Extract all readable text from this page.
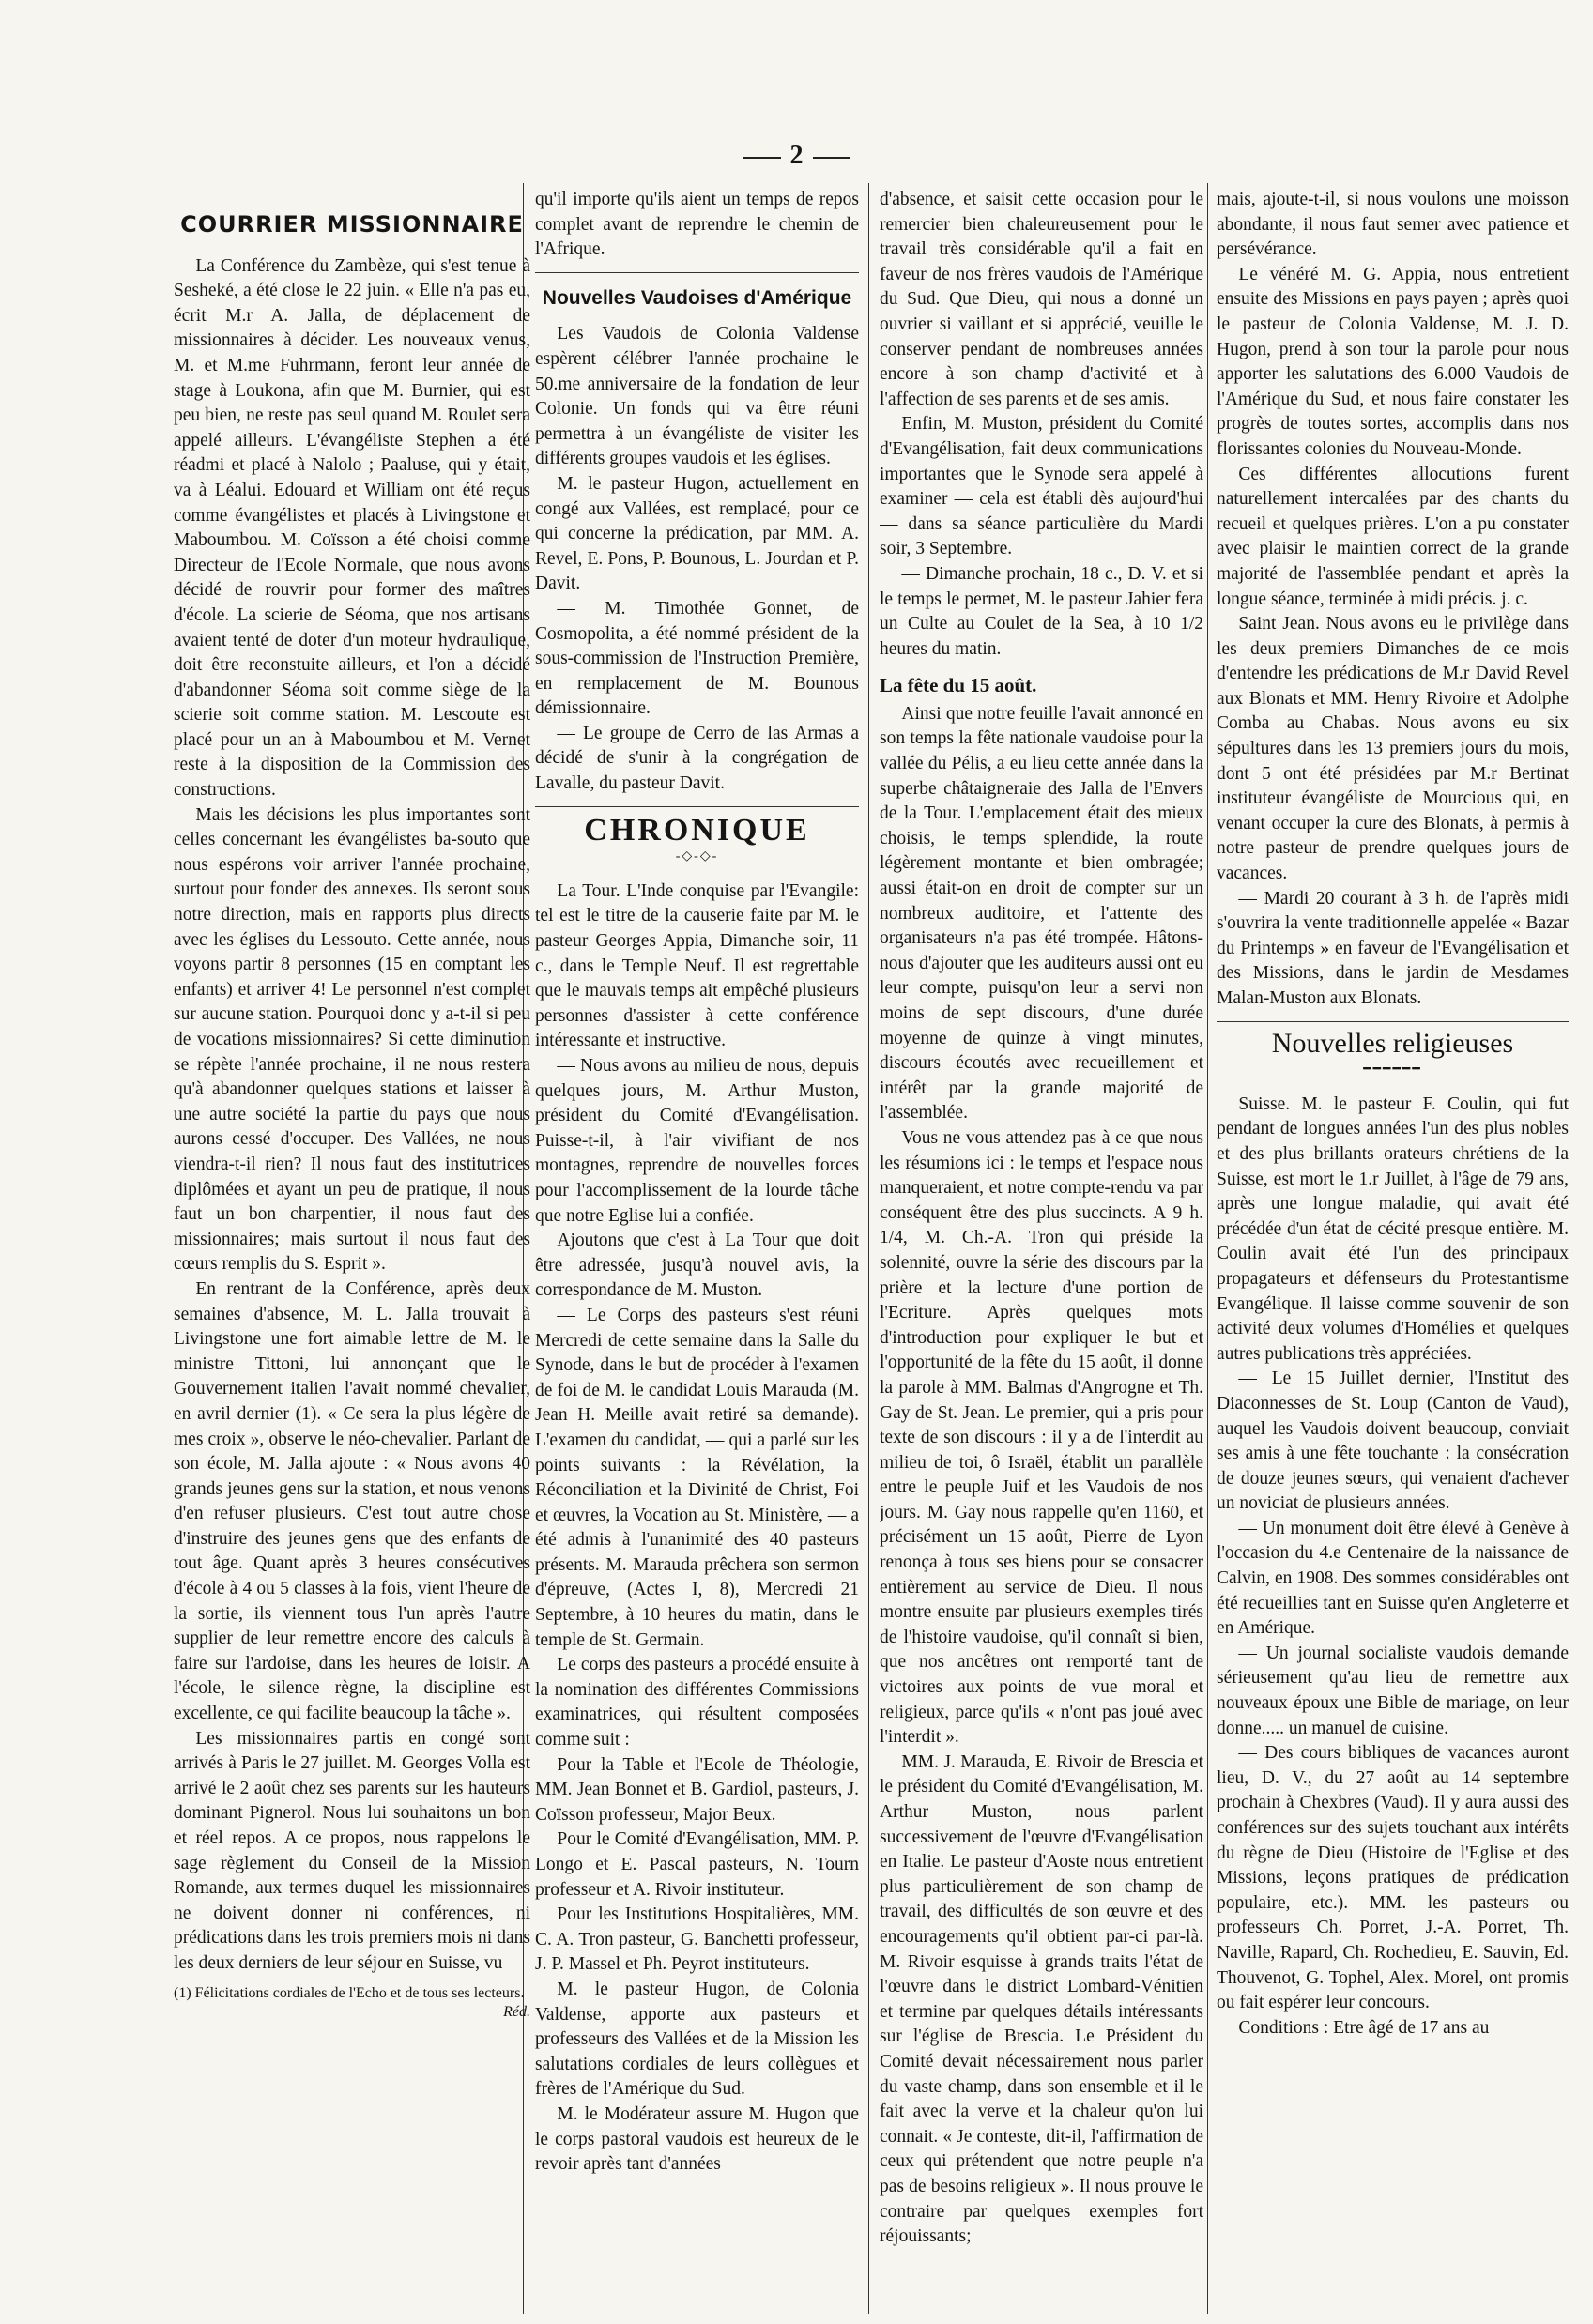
2
COURRIER MISSIONNAIRE

La Conférence du Zambèze, qui s'est tenue à Sesheké, a été close le 22 juin. « Elle n'a pas eu, écrit M.r A. Jalla, de déplacement de missionnaires à décider. Les nouveaux venus, M. et M.me Fuhrmann, feront leur année de stage à Loukona, afin que M. Burnier, qui est peu bien, ne reste pas seul quand M. Roulet sera appelé ailleurs. L'évangéliste Stephen a été réadmi et placé à Nalolo ; Paaluse, qui y était, va à Léalui. Edouard et William ont été reçus comme évangélistes et placés à Livingstone et Maboumbou. M. Coïsson a été choisi comme Directeur de l'Ecole Normale, que nous avons décidé de rouvrir pour former des maîtres d'école. La scierie de Séoma, que nos artisans avaient tenté de doter d'un moteur hydraulique, doit être reconstuite ailleurs, et l'on a décidé d'abandonner Séoma soit comme siège de la scierie soit comme station. M. Lescoute est placé pour un an à Maboumbou et M. Vernet reste à la disposition de la Commission des constructions.

Mais les décisions les plus importantes sont celles concernant les évangélistes ba-souto que nous espérons voir arriver l'année prochaine, surtout pour fonder des annexes. Ils seront sous notre direction, mais en rapports plus directs avec les églises du Lessouto. Cette année, nous voyons partir 8 personnes (15 en comptant les enfants) et arriver 4! Le personnel n'est complet sur aucune station. Pourquoi donc y a-t-il si peu de vocations missionnaires? Si cette diminution se répète l'année prochaine, il ne nous restera qu'à abandonner quelques stations et laisser à une autre société la partie du pays que nous aurons cessé d'occuper. Des Vallées, ne nous viendra-t-il rien? Il nous faut des institutrices diplômées et ayant un peu de pratique, il nous faut un bon charpentier, il nous faut des missionnaires; mais surtout il nous faut des cœurs remplis du S. Esprit ».

En rentrant de la Conférence, après deux semaines d'absence, M. L. Jalla trouvait à Livingstone une fort aimable lettre de M. le ministre Tittoni, lui annonçant que le Gouvernement italien l'avait nommé chevalier, en avril dernier (1). « Ce sera la plus légère de mes croix », observe le néo-chevalier. Parlant de son école, M. Jalla ajoute : « Nous avons 40 grands jeunes gens sur la station, et nous venons d'en refuser plusieurs. C'est tout autre chose d'instruire des jeunes gens que des enfants de tout âge. Quant après 3 heures consécutives d'école à 4 ou 5 classes à la fois, vient l'heure de la sortie, ils viennent tous l'un après l'autre supplier de leur remettre encore des calculs à faire sur l'ardoise, dans les heures de loisir. A l'école, le silence règne, la discipline est excellente, ce qui facilite beaucoup la tâche ».

Les missionnaires partis en congé sont arrivés à Paris le 27 juillet. M. Georges Volla est arrivé le 2 août chez ses parents sur les hauteurs dominant Pignerol. Nous lui souhaitons un bon et réel repos. A ce propos, nous rappelons le sage règlement du Conseil de la Mission Romande, aux termes duquel les missionnaires ne doivent donner ni conférences, ni prédications dans les trois premiers mois ni dans les deux derniers de leur séjour en Suisse, vu

(1) Félicitations cordiales de l'Echo et de tous ses lecteurs.
Réd.

qu'il importe qu'ils aient un temps de repos complet avant de reprendre le chemin de l'Afrique.

Nouvelles Vaudoises d'Amérique

Les Vaudois de Colonia Valdense espèrent célébrer l'année prochaine le 50.me anniversaire de la fondation de leur Colonie. Un fonds qui va être réuni permettra à un évangéliste de visiter les différents groupes vaudois et les églises.

M. le pasteur Hugon, actuellement en congé aux Vallées, est remplacé, pour ce qui concerne la prédication, par MM. A. Revel, E. Pons, P. Bounous, L. Jourdan et P. Davit.

— M. Timothée Gonnet, de Cosmopolita, a été nommé président de la sous-commission de l'Instruction Première, en remplacement de M. Bounous démissionnaire.

— Le groupe de Cerro de las Armas a décidé de s'unir à la congrégation de Lavalle, du pasteur Davit.

CHRONIQUE
-◇-◇-

La Tour. L'Inde conquise par l'Evangile: tel est le titre de la causerie faite par M. le pasteur Georges Appia, Dimanche soir, 11 c., dans le Temple Neuf. Il est regrettable que le mauvais temps ait empêché plusieurs personnes d'assister à cette conférence intéressante et instructive.

— Nous avons au milieu de nous, depuis quelques jours, M. Arthur Muston, président du Comité d'Evangélisation. Puisse-t-il, à l'air vivifiant de nos montagnes, reprendre de nouvelles forces pour l'accomplissement de la lourde tâche que notre Eglise lui a confiée.

Ajoutons que c'est à La Tour que doit être adressée, jusqu'à nouvel avis, la correspondance de M. Muston.

— Le Corps des pasteurs s'est réuni Mercredi de cette semaine dans la Salle du Synode, dans le but de procéder à l'examen de foi de M. le candidat Louis Marauda (M. Jean H. Meille avait retiré sa demande). L'examen du candidat, — qui a parlé sur les points suivants : la Révélation, la Réconciliation et la Divinité de Christ, Foi et œuvres, la Vocation au St. Ministère, — a été admis à l'unanimité des 40 pasteurs présents. M. Marauda prêchera son sermon d'épreuve, (Actes I, 8), Mercredi 21 Septembre, à 10 heures du matin, dans le temple de St. Germain.

Le corps des pasteurs a procédé ensuite à la nomination des différentes Commissions examinatrices, qui résultent composées comme suit :

Pour la Table et l'Ecole de Théologie, MM. Jean Bonnet et B. Gardiol, pasteurs, J. Coïsson professeur, Major Beux.

Pour le Comité d'Evangélisation, MM. P. Longo et E. Pascal pasteurs, N. Tourn professeur et A. Rivoir instituteur.

Pour les Institutions Hospitalières, MM. C. A. Tron pasteur, G. Banchetti professeur, J. P. Massel et Ph. Peyrot instituteurs.

M. le pasteur Hugon, de Colonia Valdense, apporte aux pasteurs et professeurs des Vallées et de la Mission les salutations cordiales de leurs collègues et frères de l'Amérique du Sud.

M. le Modérateur assure M. Hugon que le corps pastoral vaudois est heureux de le revoir après tant d'années

d'absence, et saisit cette occasion pour le remercier bien chaleureusement pour le travail très considérable qu'il a fait en faveur de nos frères vaudois de l'Amérique du Sud. Que Dieu, qui nous a donné un ouvrier si vaillant et si apprécié, veuille le conserver pendant de nombreuses années encore à son champ d'activité et à l'affection de ses parents et de ses amis.

Enfin, M. Muston, président du Comité d'Evangélisation, fait deux communications importantes que le Synode sera appelé à examiner — cela est établi dès aujourd'hui — dans sa séance particulière du Mardi soir, 3 Septembre.

— Dimanche prochain, 18 c., D. V. et si le temps le permet, M. le pasteur Jahier fera un Culte au Coulet de la Sea, à 10 1/2 heures du matin.

La fête du 15 août.

Ainsi que notre feuille l'avait annoncé en son temps la fête nationale vaudoise pour la vallée du Pélis, a eu lieu cette année dans la superbe châtaigneraie des Jalla de l'Envers de la Tour. L'emplacement était des mieux choisis, le temps splendide, la route légèrement montante et bien ombragée; aussi était-on en droit de compter sur un nombreux auditoire, et l'attente des organisateurs n'a pas été trompée. Hâtons-nous d'ajouter que les auditeurs aussi ont eu leur compte, puisqu'on leur a servi non moins de sept discours, d'une durée moyenne de quinze à vingt minutes, discours écoutés avec recueillement et intérêt par la grande majorité de l'assemblée.

Vous ne vous attendez pas à ce que nous les résumions ici : le temps et l'espace nous manqueraient, et notre compte-rendu va par conséquent être des plus succincts. A 9 h. 1/4, M. Ch.-A. Tron qui préside la solennité, ouvre la série des discours par la prière et la lecture d'une portion de l'Ecriture. Après quelques mots d'introduction pour expliquer le but et l'opportunité de la fête du 15 août, il donne la parole à MM. Balmas d'Angrogne et Th. Gay de St. Jean. Le premier, qui a pris pour texte de son discours : il y a de l'interdit au milieu de toi, ô Israël, établit un parallèle entre le peuple Juif et les Vaudois de nos jours. M. Gay nous rappelle qu'en 1160, et précisément un 15 août, Pierre de Lyon renonça à tous ses biens pour se consacrer entièrement au service de Dieu. Il nous montre ensuite par plusieurs exemples tirés de l'histoire vaudoise, qu'il connaît si bien, que nos ancêtres ont remporté tant de victoires aux points de vue moral et religieux, parce qu'ils « n'ont pas joué avec l'interdit ».

MM. J. Marauda, E. Rivoir de Brescia et le président du Comité d'Evangélisation, M. Arthur Muston, nous parlent successivement de l'œuvre d'Evangélisation en Italie. Le pasteur d'Aoste nous entretient plus particulièrement de son champ de travail, des difficultés de son œuvre et des encouragements qu'il obtient par-ci par-là. M. Rivoir esquisse à grands traits l'état de l'œuvre dans le district Lombard-Vénitien et termine par quelques détails intéressants sur l'église de Brescia. Le Président du Comité devait nécessairement nous parler du vaste champ, dans son ensemble et il le fait avec la verve et la chaleur qu'on lui connait. « Je conteste, dit-il, l'affirmation de ceux qui prétendent que notre peuple n'a pas de besoins religieux ». Il nous prouve le contraire par quelques exemples fort réjouissants;

mais, ajoute-t-il, si nous voulons une moisson abondante, il nous faut semer avec patience et persévérance.

Le vénéré M. G. Appia, nous entretient ensuite des Missions en pays payen ; après quoi le pasteur de Colonia Valdense, M. J. D. Hugon, prend à son tour la parole pour nous apporter les salutations des 6.000 Vaudois de l'Amérique du Sud, et nous faire constater les progrès de toutes sortes, accomplis dans nos florissantes colonies du Nouveau-Monde.

Ces différentes allocutions furent naturellement intercalées par des chants du recueil et quelques prières. L'on a pu constater avec plaisir le maintien correct de la grande majorité de l'assemblée pendant et après la longue séance, terminée à midi précis. j. c.

Saint Jean. Nous avons eu le privilège dans les deux premiers Dimanches de ce mois d'entendre les prédications de M.r David Revel aux Blonats et MM. Henry Rivoire et Adolphe Comba au Chabas. Nous avons eu six sépultures dans les 13 premiers jours du mois, dont 5 ont été présidées par M.r Bertinat instituteur évangéliste de Mourcious qui, en venant occuper la cure des Blonats, à permis à notre pasteur de prendre quelques jours de vacances.

— Mardi 20 courant à 3 h. de l'après midi s'ouvrira la vente traditionnelle appelée « Bazar du Printemps » en faveur de l'Evangélisation et des Missions, dans le jardin de Mesdames Malan-Muston aux Blonats.

Nouvelles religieuses
━━━━━━

Suisse. M. le pasteur F. Coulin, qui fut pendant de longues années l'un des plus nobles et des plus brillants orateurs chrétiens de la Suisse, est mort le 1.r Juillet, à l'âge de 79 ans, après une longue maladie, qui avait été précédée d'un état de cécité presque entière. M. Coulin avait été l'un des principaux propagateurs et défenseurs du Protestantisme Evangélique. Il laisse comme souvenir de son activité deux volumes d'Homélies et quelques autres publications très appréciées.

— Le 15 Juillet dernier, l'Institut des Diaconnesses de St. Loup (Canton de Vaud), auquel les Vaudois doivent beaucoup, conviait ses amis à une fête touchante : la consécration de douze jeunes sœurs, qui venaient d'achever un noviciat de plusieurs années.

— Un monument doit être élevé à Genève à l'occasion du 4.e Centenaire de la naissance de Calvin, en 1908. Des sommes considérables ont été recueillies tant en Suisse qu'en Angleterre et en Amérique.

— Un journal socialiste vaudois demande sérieusement qu'au lieu de remettre aux nouveaux époux une Bible de mariage, on leur donne..... un manuel de cuisine.

— Des cours bibliques de vacances auront lieu, D. V., du 27 août au 14 septembre prochain à Chexbres (Vaud). Il y aura aussi des conférences sur des sujets touchant aux intérêts du règne de Dieu (Histoire de l'Eglise et des Missions, leçons pratiques de prédication populaire, etc.). MM. les pasteurs ou professeurs Ch. Porret, J.-A. Porret, Th. Naville, Rapard, Ch. Rochedieu, E. Sauvin, Ed. Thouvenot, G. Tophel, Alex. Morel, ont promis ou fait espérer leur concours.

Conditions : Etre âgé de 17 ans au
